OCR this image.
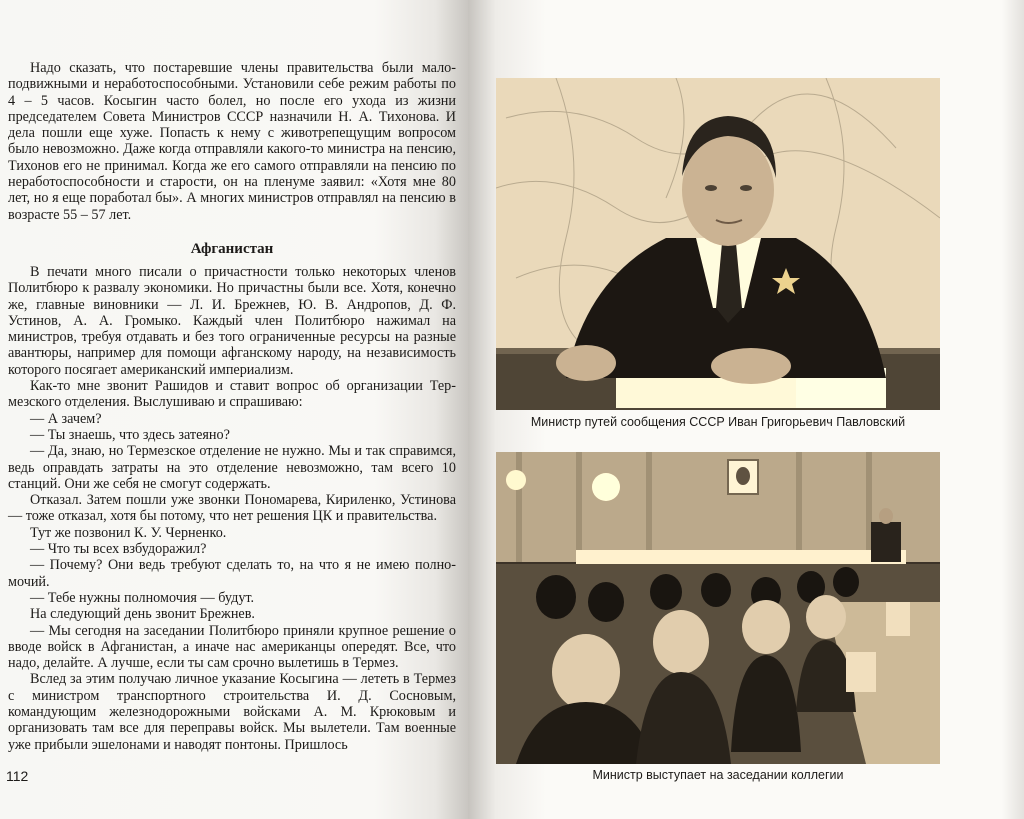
Надо сказать, что постаревшие члены правительства были малоподвижными и неработоспособными. Установили себе режим работы по 4 – 5 часов. Косыгин часто болел, но после его ухода из жизни председателем Совета Министров СССР назначили Н. А. Тихонова. И дела пошли еще хуже. Попасть к нему с животрепещущим вопросом было невозможно. Даже когда отправляли какого-то министра на пенсию, Тихонов его не принимал. Когда же его самого отправляли на пенсию по неработоспособности и старости, он на пленуме заявил: «Хотя мне 80 лет, но я еще поработал бы». А многих министров отправлял на пенсию в возрасте 55 – 57 лет.

Афганистан

В печати много писали о причастности только некоторых членов Политбюро к развалу экономики. Но причастны были все. Хотя, конечно же, главные виновники — Л. И. Брежнев, Ю. В. Андропов, Д. Ф. Устинов, А. А. Громыко. Каждый член Политбюро нажимал на министров, требуя отдавать и без того ограниченные ресурсы на разные авантюры, например для помощи афганскому народу, на независимость которого посягает американский империализм.

Как-то мне звонит Рашидов и ставит вопрос об организации Термезского отделения. Выслушиваю и спрашиваю:

— А зачем?

— Ты знаешь, что здесь затеяно?

— Да, знаю, но Термезское отделение не нужно. Мы и так справимся, ведь оправдать затраты на это отделение невозможно, там всего 10 станций. Они же себя не смогут содержать.

Отказал. Затем пошли уже звонки Пономарева, Кириленко, Устинова — тоже отказал, хотя бы потому, что нет решения ЦК и правительства.

Тут же позвонил К. У. Черненко.

— Что ты всех взбудоражил?

— Почему? Они ведь требуют сделать то, на что я не имею полномочий.

— Тебе нужны полномочия — будут.

На следующий день звонит Брежнев.

— Мы сегодня на заседании Политбюро приняли крупное решение о вводе войск в Афганистан, а иначе нас американцы опередят. Все, что надо, делайте. А лучше, если ты сам срочно вылетишь в Термез.

Вслед за этим получаю личное указание Косыгина — лететь в Термез с министром транспортного строительства И. Д. Сосновым, командующим железнодорожными войсками А. М. Крюковым и организовать там все для переправы войск. Мы вылетели. Там военные уже прибыли эшелонами и наводят понтоны. Пришлось

112
Министр путей сообщения СССР Иван Григорьевич Павловский
Министр выступает на заседании коллегии
